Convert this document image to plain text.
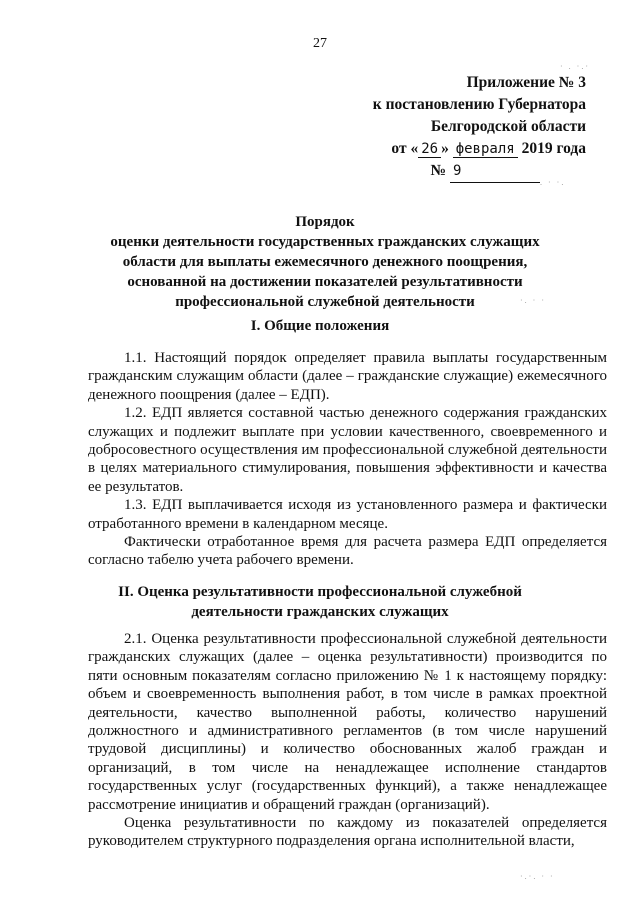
27
Приложение № 3
к постановлению Губернатора
Белгородской области
от « 26 » февраля 2019 года
№ 9
Порядок
оценки деятельности государственных гражданских служащих
области для выплаты ежемесячного денежного поощрения,
основанной на достижении показателей результативности
профессиональной служебной деятельности
I. Общие положения

1.1. Настоящий порядок определяет правила выплаты государственным гражданским служащим области (далее – гражданские служащие) ежемесячного денежного поощрения (далее – ЕДП).

1.2. ЕДП является составной частью денежного содержания гражданских служащих и подлежит выплате при условии качественного, своевременного и добросовестного осуществления им профессиональной служебной деятельности в целях материального стимулирования, повышения эффективности и качества ее результатов.

1.3. ЕДП выплачивается исходя из установленного размера и фактически отработанного времени в календарном месяце.

Фактически отработанное время для расчета размера ЕДП определяется согласно табелю учета рабочего времени.

II. Оценка результативности профессиональной служебной
деятельности гражданских служащих

2.1. Оценка результативности профессиональной служебной деятельности гражданских служащих (далее – оценка результативности) производится по пяти основным показателям согласно приложению № 1 к настоящему порядку: объем и своевременность выполнения работ, в том числе в рамках проектной деятельности, качество выполненной работы, количество нарушений должностного и административного регламентов (в том числе нарушений трудовой дисциплины) и количество обоснованных жалоб граждан и организаций, в том числе на ненадлежащее исполнение стандартов государственных услуг (государственных функций), а также ненадлежащее рассмотрение инициатив и обращений граждан (организаций).

Оценка результативности по каждому из показателей определяется руководителем структурного подразделения органа исполнительной власти,

· . ·.·
. · ·.
·. · ·
·.·. · ·
